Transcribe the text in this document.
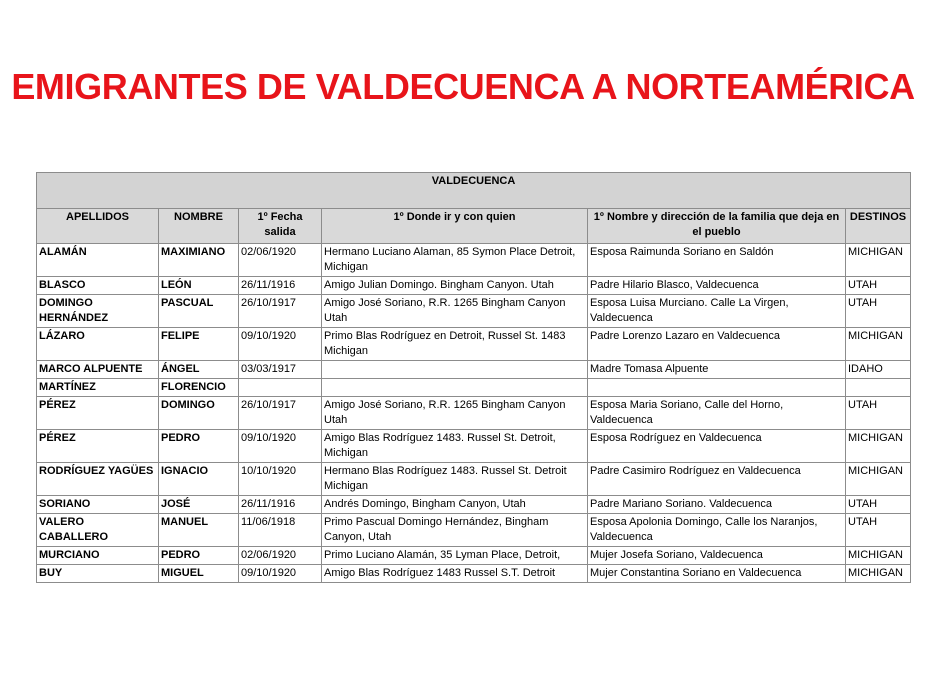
EMIGRANTES DE VALDECUENCA A NORTEAMÉRICA
VALDECUENCA					
APELLIDOS	NOMBRE	1º Fecha salida	1º Donde ir y con quien	1º Nombre y dirección de la familia que deja en el pueblo	DESTINOS
ALAMÁN	MAXIMIANO	02/06/1920	Hermano Luciano Alaman, 85 Symon Place Detroit, Michigan	Esposa Raimunda Soriano en Saldón	MICHIGAN
BLASCO	LEÓN	26/11/1916	Amigo Julian Domingo. Bingham Canyon. Utah	Padre Hilario Blasco, Valdecuenca	UTAH
DOMINGO HERNÁNDEZ	PASCUAL	26/10/1917	Amigo José Soriano, R.R. 1265 Bingham Canyon Utah	Esposa Luisa Murciano. Calle La Virgen, Valdecuenca	UTAH
LÁZARO	FELIPE	09/10/1920	Primo Blas Rodríguez en Detroit, Russel St. 1483 Michigan	Padre Lorenzo Lazaro en Valdecuenca	MICHIGAN
MARCO ALPUENTE	ÁNGEL	03/03/1917		Madre Tomasa Alpuente	IDAHO
MARTÍNEZ	FLORENCIO				
PÉREZ	DOMINGO	26/10/1917	Amigo José Soriano, R.R. 1265 Bingham Canyon Utah	Esposa Maria Soriano, Calle del Horno, Valdecuenca	UTAH
PÉREZ	PEDRO	09/10/1920	Amigo Blas Rodríguez 1483. Russel St. Detroit, Michigan	Esposa Rodríguez en Valdecuenca	MICHIGAN
RODRÍGUEZ YAGÜES	IGNACIO	10/10/1920	Hermano Blas Rodríguez 1483. Russel St. Detroit Michigan	Padre Casimiro Rodríguez en Valdecuenca	MICHIGAN
SORIANO	JOSÉ	26/11/1916	Andrés Domingo, Bingham Canyon, Utah	Padre Mariano Soriano. Valdecuenca	UTAH
VALERO CABALLERO	MANUEL	11/06/1918	Primo Pascual Domingo Hernández, Bingham Canyon, Utah	Esposa Apolonia Domingo, Calle los Naranjos, Valdecuenca	UTAH
MURCIANO	PEDRO	02/06/1920	Primo Luciano Alamán, 35 Lyman Place, Detroit,	Mujer Josefa Soriano, Valdecuenca	MICHIGAN
BUY	MIGUEL	09/10/1920	Amigo Blas Rodríguez 1483 Russel S.T. Detroit	Mujer Constantina Soriano en Valdecuenca	MICHIGAN
